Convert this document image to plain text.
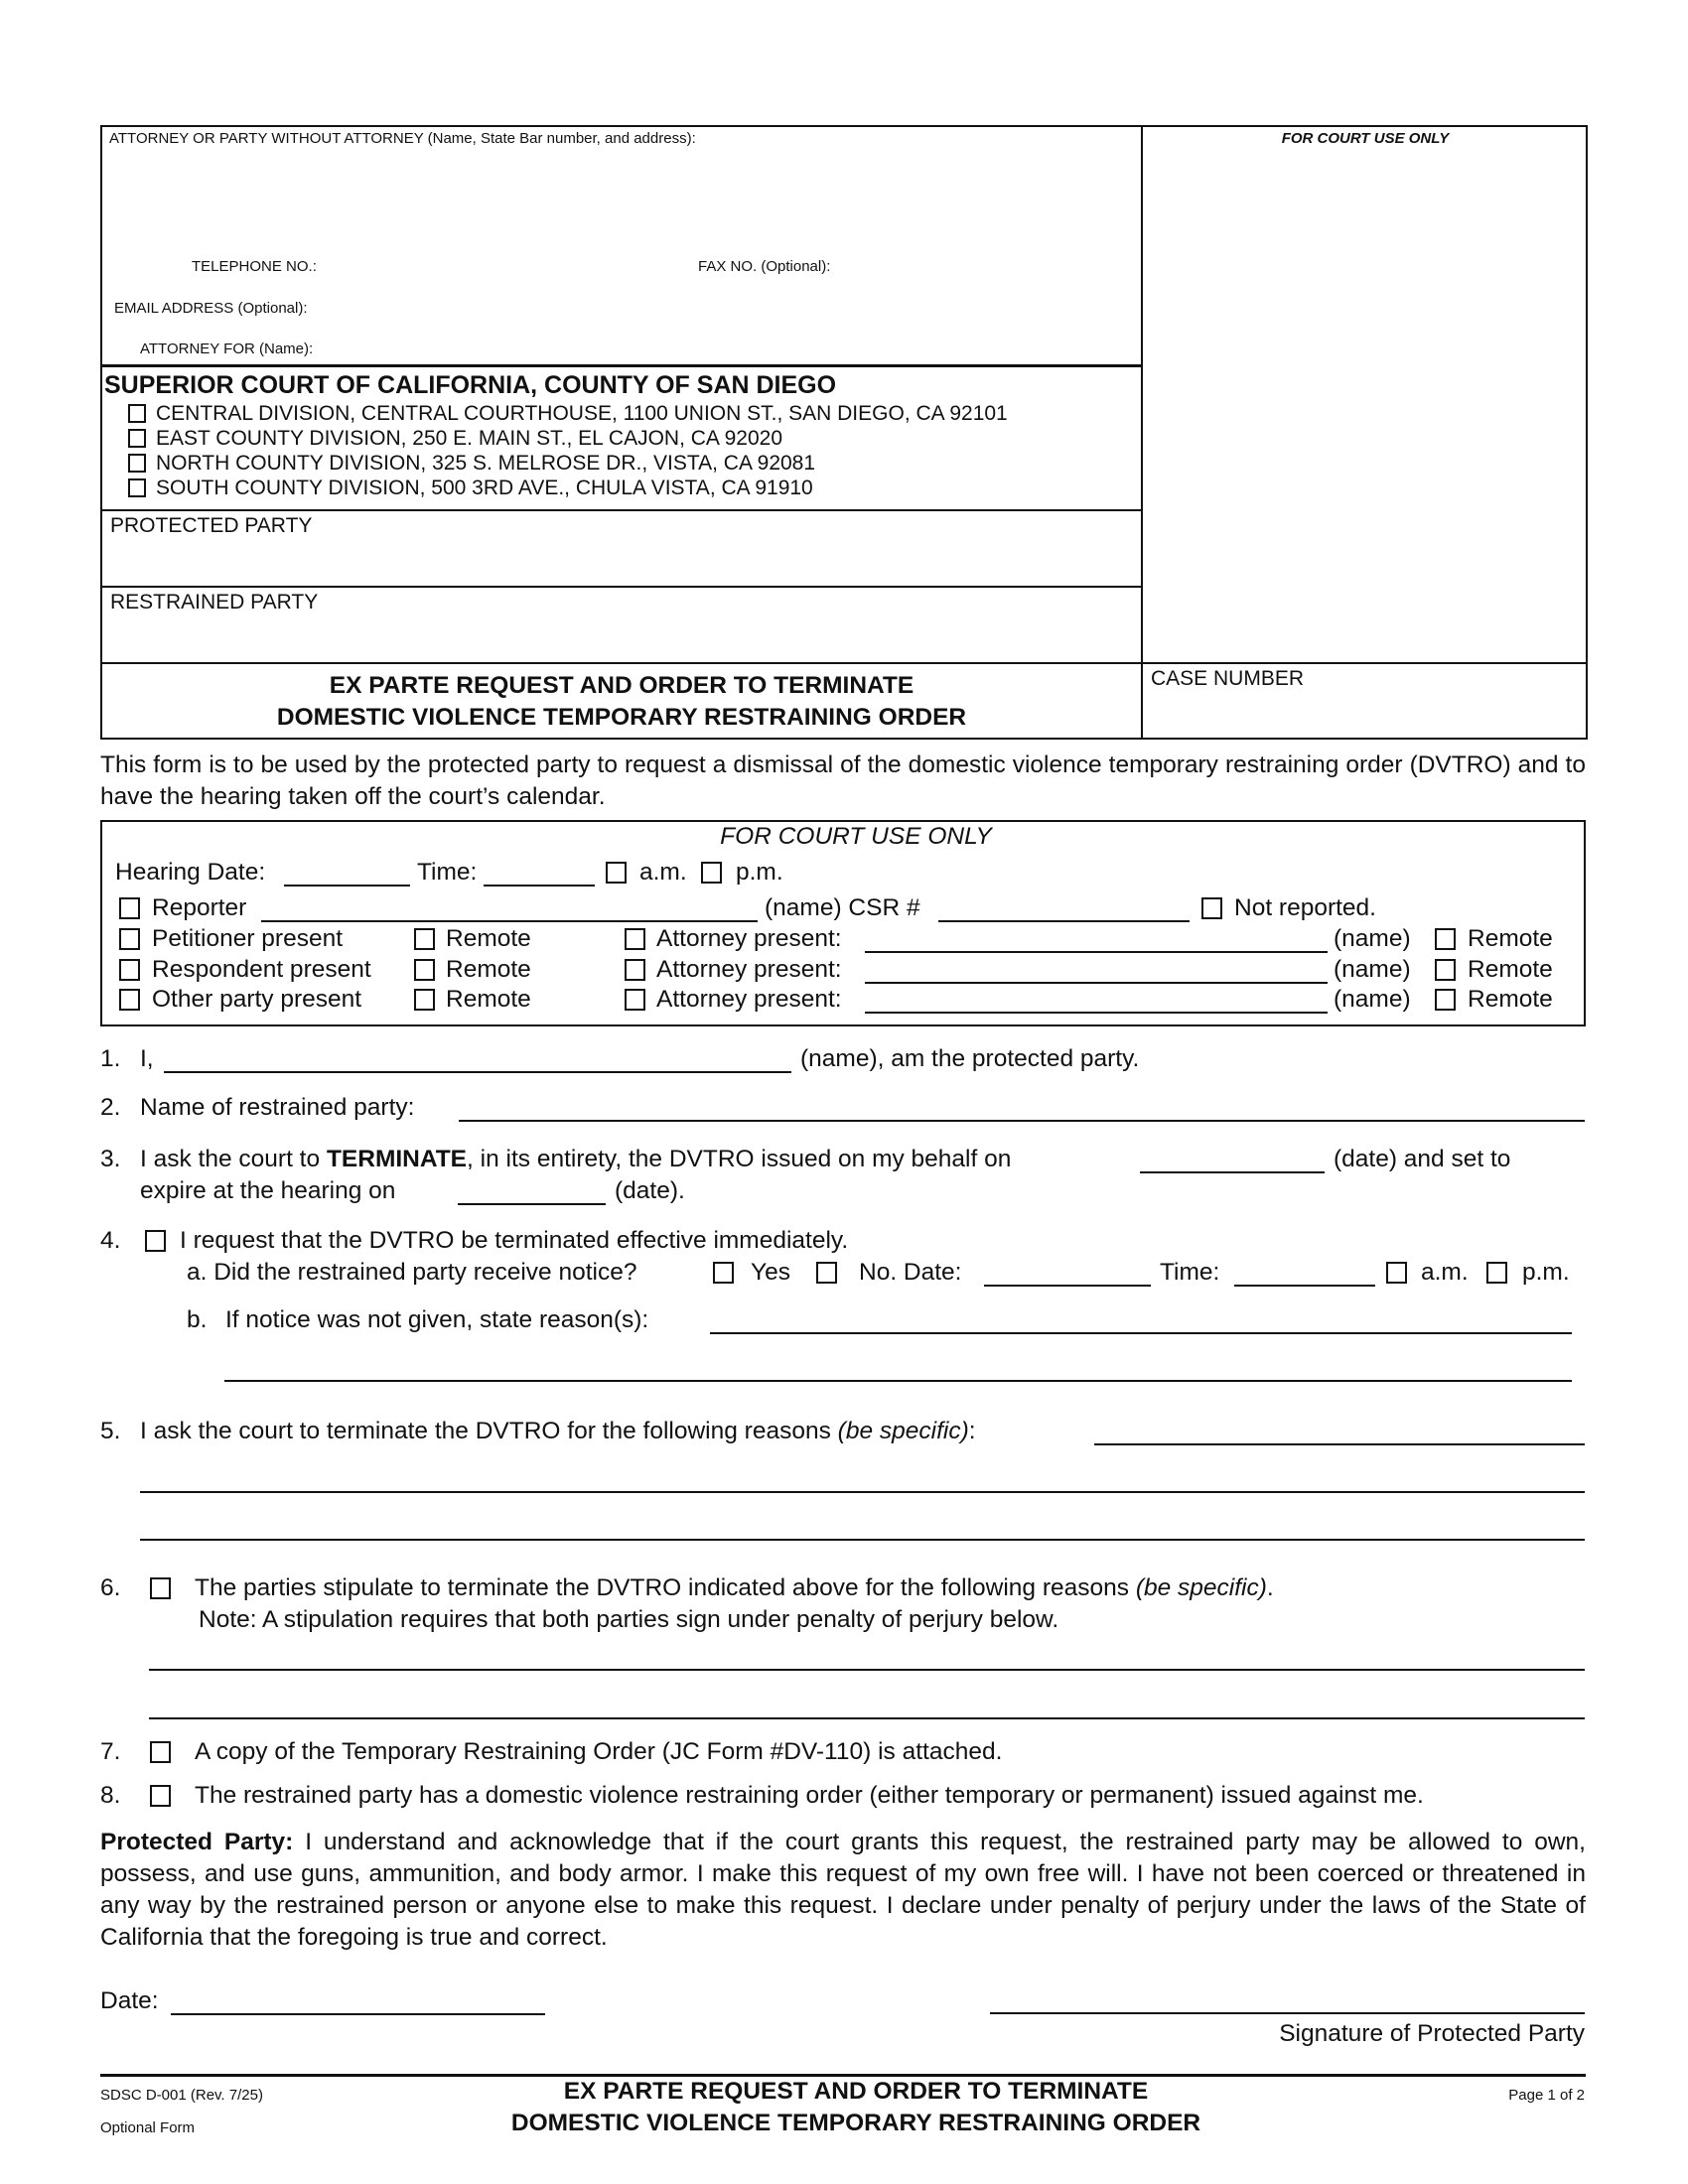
ATTORNEY OR PARTY WITHOUT ATTORNEY (Name, State Bar number, and address):	FOR COURT USE ONLY
TELEPHONE NO.:	FAX NO. (Optional):
EMAIL ADDRESS (Optional):
ATTORNEY FOR (Name):
SUPERIOR COURT OF CALIFORNIA, COUNTY OF SAN DIEGO
CENTRAL DIVISION, CENTRAL COURTHOUSE, 1100 UNION ST., SAN DIEGO, CA 92101
EAST COUNTY DIVISION, 250 E. MAIN ST., EL CAJON, CA 92020
NORTH COUNTY DIVISION, 325 S. MELROSE DR., VISTA, CA 92081
SOUTH COUNTY DIVISION, 500 3RD AVE., CHULA VISTA, CA 91910
PROTECTED PARTY
RESTRAINED PARTY
EX PARTE REQUEST AND ORDER TO TERMINATE
DOMESTIC VIOLENCE TEMPORARY RESTRAINING ORDER
CASE NUMBER
This form is to be used by the protected party to request a dismissal of the domestic violence temporary restraining order (DVTRO) and to have the hearing taken off the court’s calendar.
FOR COURT USE ONLY
Hearing Date:	Time:	a.m. p.m.
Reporter	(name) CSR #	Not reported.
Petitioner present	Remote	Attorney present:	(name) Remote
Respondent present	Remote	Attorney present:	(name) Remote
Other party present	Remote	Attorney present:	(name) Remote
1. I,	(name), am the protected party.
2. Name of restrained party:
3. I ask the court to TERMINATE, in its entirety, the DVTRO issued on my behalf on	(date) and set to
expire at the hearing on	(date).
4. I request that the DVTRO be terminated effective immediately.
a. Did the restrained party receive notice?	Yes	No. Date:	Time:	a.m. p.m.
b. If notice was not given, state reason(s):
5. I ask the court to terminate the DVTRO for the following reasons (be specific):
6.	The parties stipulate to terminate the DVTRO indicated above for the following reasons (be specific).
Note: A stipulation requires that both parties sign under penalty of perjury below.
7.	A copy of the Temporary Restraining Order (JC Form #DV-110) is attached.
8.	The restrained party has a domestic violence restraining order (either temporary or permanent) issued against me.
Protected Party: I understand and acknowledge that if the court grants this request, the restrained party may be allowed to own, possess, and use guns, ammunition, and body armor. I make this request of my own free will. I have not been coerced or threatened in any way by the restrained person or anyone else to make this request. I declare under penalty of perjury under the laws of the State of California that the foregoing is true and correct.
Date:
Signature of Protected Party
SDSC D-001 (Rev. 7/25)
Optional Form
EX PARTE REQUEST AND ORDER TO TERMINATE
DOMESTIC VIOLENCE TEMPORARY RESTRAINING ORDER
Page 1 of 2
